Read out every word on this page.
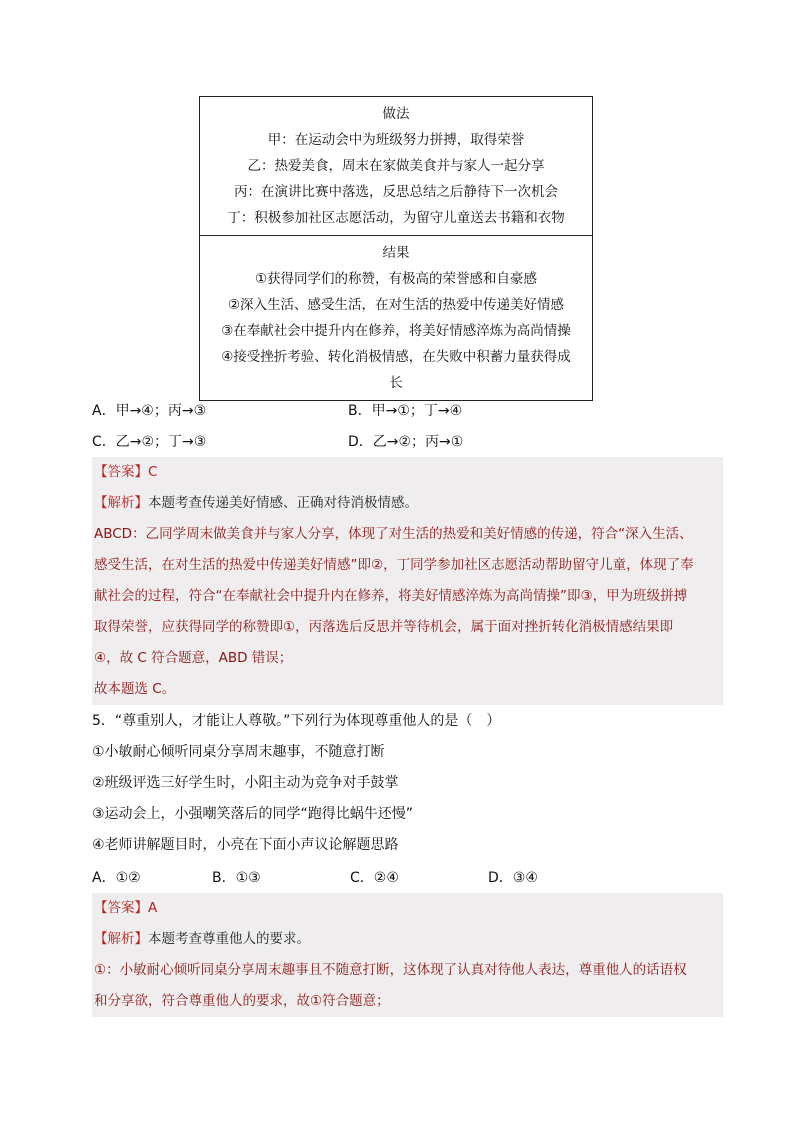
做法
甲：在运动会中为班级努力拼搏，取得荣誉
乙：热爱美食，周末在家做美食并与家人一起分享
丙：在演讲比赛中落选，反思总结之后静待下一次机会
丁：积极参加社区志愿活动，为留守儿童送去书籍和衣物
结果
①获得同学们的称赞，有极高的荣誉感和自豪感
②深入生活、感受生活，在对生活的热爱中传递美好情感
③在奉献社会中提升内在修养，将美好情感淬炼为高尚情操
④接受挫折考验、转化消极情感，在失败中积蓄力量获得成
长
A．甲→④；丙→③	B．甲→①；丁→④
C．乙→②；丁→③	D．乙→②；丙→①
【答案】C
【解析】本题考查传递美好情感、正确对待消极情感。
ABCD：乙同学周末做美食并与家人分享，体现了对生活的热爱和美好情感的传递，符合“深入生活、
感受生活，在对生活的热爱中传递美好情感”即②，丁同学参加社区志愿活动帮助留守儿童，体现了奉
献社会的过程，符合“在奉献社会中提升内在修养，将美好情感淬炼为高尚情操”即③，甲为班级拼搏
取得荣誉，应获得同学的称赞即①，丙落选后反思并等待机会，属于面对挫折转化消极情感结果即
④，故 C 符合题意，ABD 错误；
故本题选 C。
5．“尊重别人，才能让人尊敬。”下列行为体现尊重他人的是（　）
①小敏耐心倾听同桌分享周末趣事，不随意打断
②班级评选三好学生时，小阳主动为竞争对手鼓掌
③运动会上，小强嘲笑落后的同学“跑得比蜗牛还慢”
④老师讲解题目时，小亮在下面小声议论解题思路
A．①②	B．①③	C．②④	D．③④
【答案】A
【解析】本题考查尊重他人的要求。
①：小敏耐心倾听同桌分享周末趣事且不随意打断，这体现了认真对待他人表达，尊重他人的话语权
和分享欲，符合尊重他人的要求，故①符合题意；
